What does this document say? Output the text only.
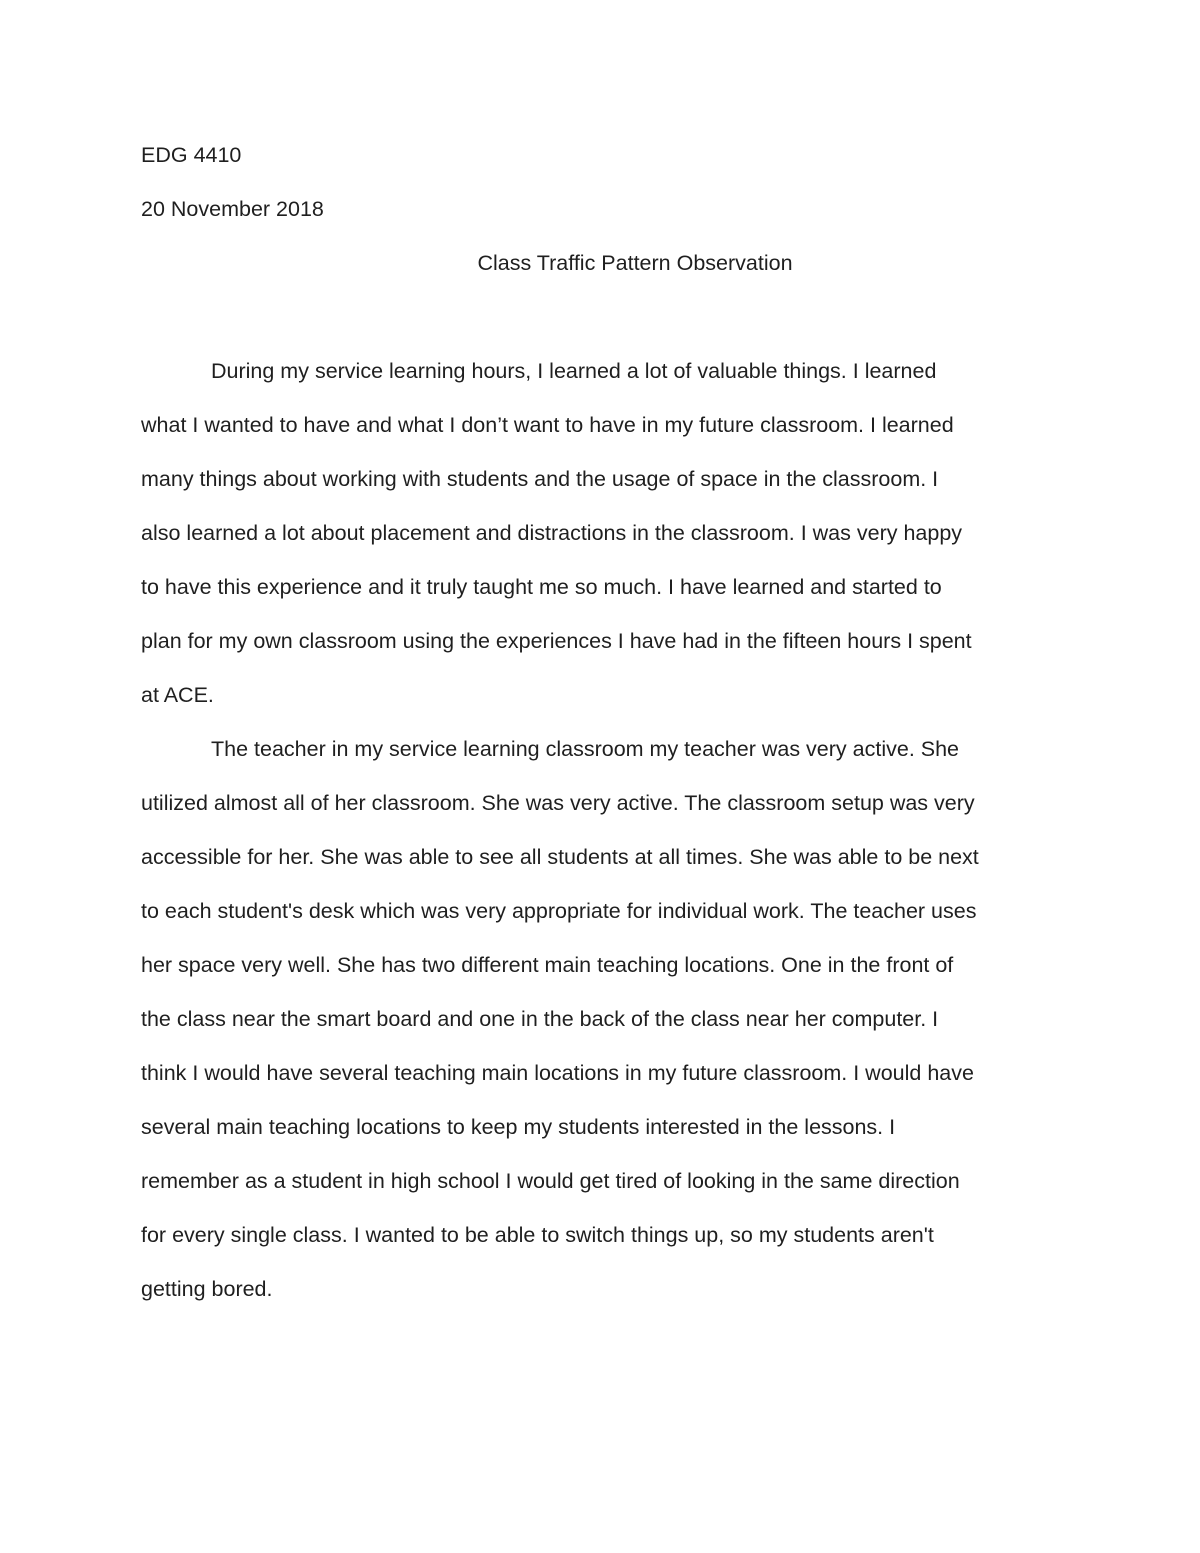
EDG 4410
20 November 2018
Class Traffic Pattern Observation
During my service learning hours, I learned a lot of valuable things. I learned
what I wanted to have and what I don’t want to have in my future classroom. I learned
many things about working with students and the usage of space in the classroom. I
also learned a lot about placement and distractions in the classroom. I was very happy
to have this experience and it truly taught me so much. I have learned and started to
plan for my own classroom using the experiences I have had in the fifteen hours I spent
at ACE.
The teacher in my service learning classroom my teacher was very active. She
utilized almost all of her classroom. She was very active. The classroom setup was very
accessible for her. She was able to see all students at all times. She was able to be next
to each student's desk which was very appropriate for individual work. The teacher uses
her space very well. She has two different main teaching locations. One in the front of
the class near the smart board and one in the back of the class near her computer. I
think I would have several teaching main locations in my future classroom. I would have
several main teaching locations to keep my students interested in the lessons. I
remember as a student in high school I would get tired of looking in the same direction
for every single class. I wanted to be able to switch things up, so my students aren't
getting bored.
